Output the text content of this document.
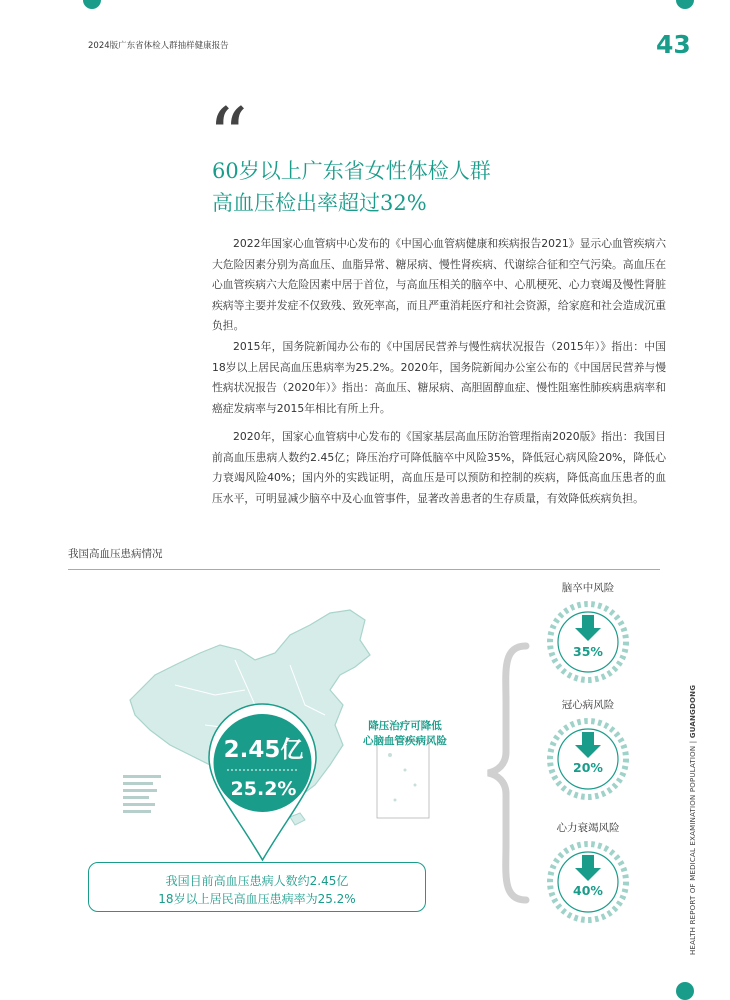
2024版广东省体检人群抽样健康报告	43
“
60岁以上广东省女性体检人群
高血压检出率超过32%

2022年国家心血管病中心发布的《中国心血管病健康和疾病报告2021》显示心血管疾病六大危险因素分别为高血压、血脂异常、糖尿病、慢性肾疾病、代谢综合征和空气污染。高血压在心血管疾病六大危险因素中居于首位，与高血压相关的脑卒中、心肌梗死、心力衰竭及慢性肾脏疾病等主要并发症不仅致残、致死率高，而且严重消耗医疗和社会资源，给家庭和社会造成沉重负担。

2015年，国务院新闻办公布的《中国居民营养与慢性病状况报告（2015年）》指出：中国18岁以上居民高血压患病率为25.2%。2020年，国务院新闻办公室公布的《中国居民营养与慢性病状况报告（2020年）》指出：高血压、糖尿病、高胆固醇血症、慢性阻塞性肺疾病患病率和癌症发病率与2015年相比有所上升。

2020年，国家心血管病中心发布的《国家基层高血压防治管理指南2020版》指出：我国目前高血压患病人数约2.45亿；降压治疗可降低脑卒中风险35%，降低冠心病风险20%，降低心力衰竭风险40%；国内外的实践证明，高血压是可以预防和控制的疾病，降低高血压患者的血压水平，可明显减少脑卒中及心血管事件，显著改善患者的生存质量，有效降低疾病负担。

我国高血压患病情况
降压治疗可降低
心脑血管疾病风险
2.45亿
25.2%
我国目前高血压患病人数约2.45亿
18岁以上居民高血压患病率为25.2%
脑卒中风险
35%
冠心病风险
20%
心力衰竭风险
40%	HEALTH REPORT OF MEDICAL EXAMINATION POPULATION | GUANGDONG
